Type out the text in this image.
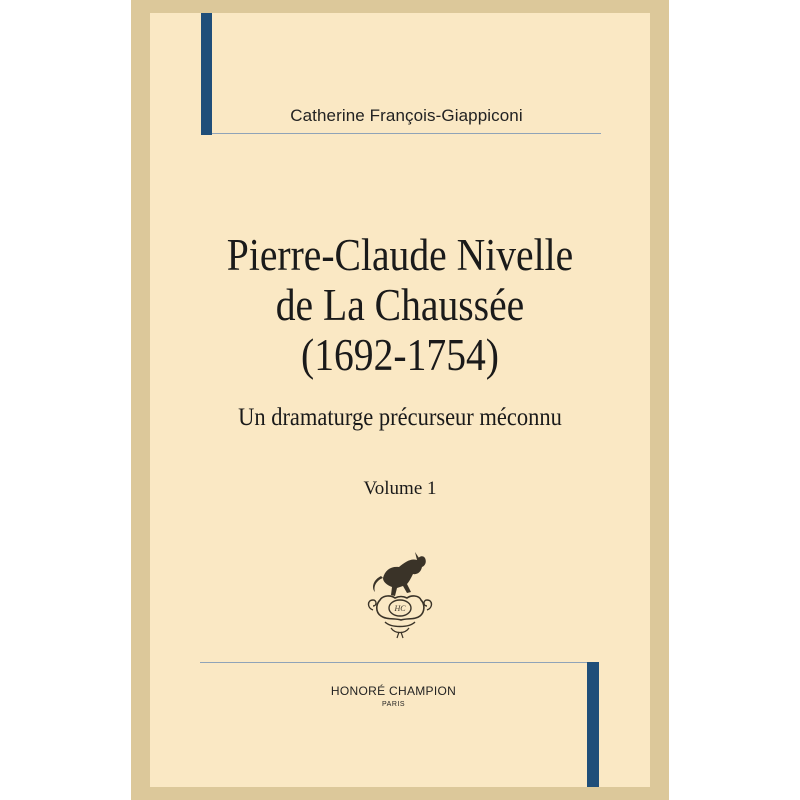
Catherine François-Giappiconi
Pierre-Claude Nivelle
de La Chaussée
(1692-1754)
Un dramaturge précurseur méconnu
Volume 1
HC
HONORÉ CHAMPION
PARIS
